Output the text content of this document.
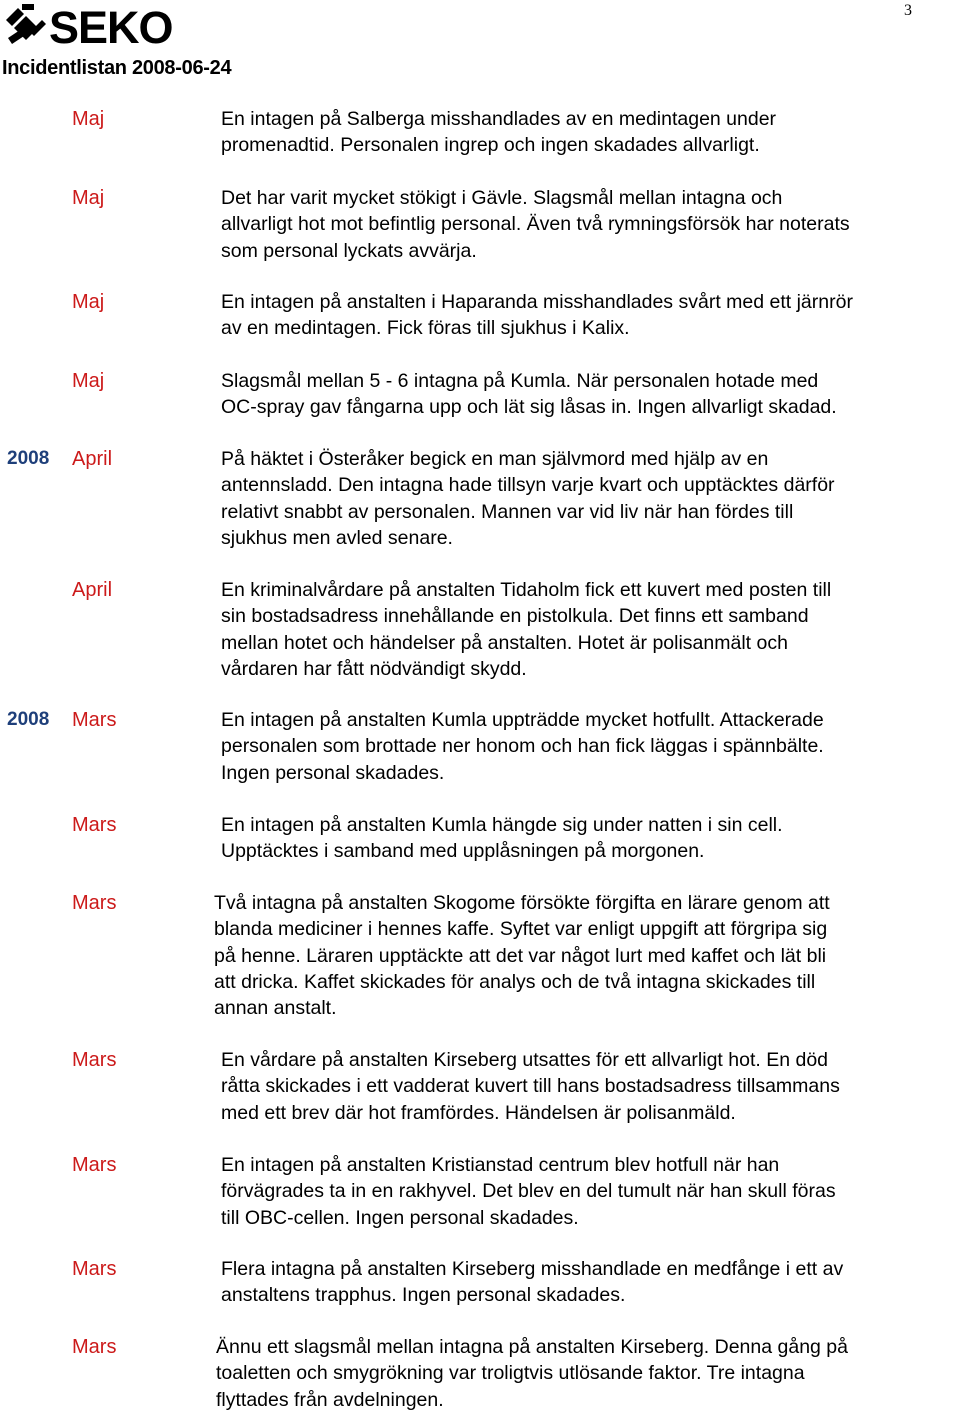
SEKO
Incidentlistan 2008-06-24
3
Maj	En intagen på Salberga misshandlades av en medintagen under
promenadtid. Personalen ingrep och ingen skadades allvarligt.
Maj	Det har varit mycket stökigt i Gävle. Slagsmål mellan intagna och
allvarligt hot mot befintlig personal. Även två rymningsförsök har noterats
som personal lyckats avvärja.
Maj	En intagen på anstalten i Haparanda misshandlades svårt med ett järnrör
av en medintagen. Fick föras till sjukhus i Kalix.
Maj	Slagsmål mellan 5 - 6 intagna på Kumla. När personalen hotade med
OC-spray gav fångarna upp och lät sig låsas in. Ingen allvarligt skadad.
2008 April	På häktet i Österåker begick en man självmord med hjälp av en
antennsladd. Den intagna hade tillsyn varje kvart och upptäcktes därför
relativt snabbt av personalen. Mannen var vid liv när han fördes till
sjukhus men avled senare.
April	En kriminalvårdare på anstalten Tidaholm fick ett kuvert med posten till
sin bostadsadress innehållande en pistolkula. Det finns ett samband
mellan hotet och händelser på anstalten. Hotet är polisanmält och
vårdaren har fått nödvändigt skydd.
2008 Mars	En intagen på anstalten Kumla uppträdde mycket hotfullt. Attackerade
personalen som brottade ner honom och han fick läggas i spännbälte.
Ingen personal skadades.
Mars	En intagen på anstalten Kumla hängde sig under natten i sin cell.
Upptäcktes i samband med upplåsningen på morgonen.
Mars	Två intagna på anstalten Skogome försökte förgifta en lärare genom att
blanda mediciner i hennes kaffe. Syftet var enligt uppgift att förgripa sig
på henne. Läraren upptäckte att det var något lurt med kaffet och lät bli
att dricka. Kaffet skickades för analys och de två intagna skickades till
annan anstalt.
Mars	En vårdare på anstalten Kirseberg utsattes för ett allvarligt hot. En död
råtta skickades i ett vadderat kuvert till hans bostadsadress tillsammans
med ett brev där hot framfördes. Händelsen är polisanmäld.
Mars	En intagen på anstalten Kristianstad centrum blev hotfull när han
förvägrades ta in en rakhyvel. Det blev en del tumult när han skull föras
till OBC-cellen. Ingen personal skadades.
Mars	Flera intagna på anstalten Kirseberg misshandlade en medfånge i ett av
anstaltens trapphus. Ingen personal skadades.
Mars	Ännu ett slagsmål mellan intagna på anstalten Kirseberg. Denna gång på
toaletten och smygrökning var troligtvis utlösande faktor. Tre intagna
flyttades från avdelningen.
